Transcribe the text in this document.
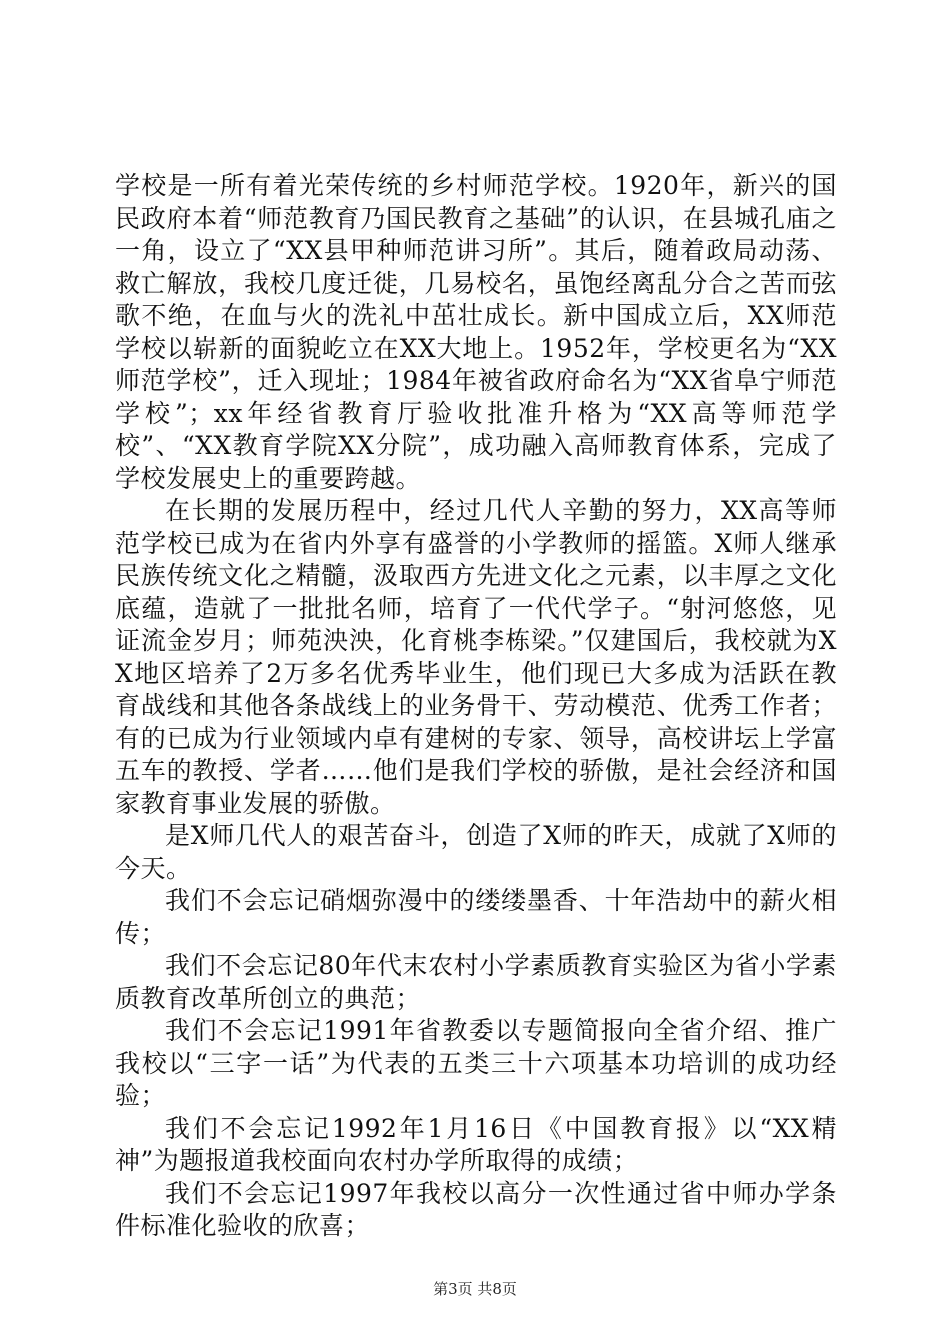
学校是一所有着光荣传统的乡村师范学校。1920年，新兴的国民政府本着“师范教育乃国民教育之基础”的认识，在县城孔庙之一角，设立了“XX县甲种师范讲习所”。其后，随着政局动荡、救亡解放，我校几度迁徙，几易校名，虽饱经离乱分合之苦而弦歌不绝，在血与火的洗礼中茁壮成长。新中国成立后，XX师范学校以崭新的面貌屹立在XX大地上。1952年，学校更名为“XX师范学校”，迁入现址；1984年被省政府命名为“XX省阜宁师范学校”；xx年经省教育厅验收批准升格为“XX高等师范学校”、“XX教育学院XX分院”，成功融入高师教育体系，完成了学校发展史上的重要跨越。

在长期的发展历程中，经过几代人辛勤的努力，XX高等师范学校已成为在省内外享有盛誉的小学教师的摇篮。X师人继承民族传统文化之精髓，汲取西方先进文化之元素，以丰厚之文化底蕴，造就了一批批名师，培育了一代代学子。“射河悠悠，见证流金岁月；师苑泱泱，化育桃李栋梁。”仅建国后，我校就为XX地区培养了2万多名优秀毕业生，他们现已大多成为活跃在教育战线和其他各条战线上的业务骨干、劳动模范、优秀工作者；有的已成为行业领域内卓有建树的专家、领导，高校讲坛上学富五车的教授、学者……他们是我们学校的骄傲，是社会经济和国家教育事业发展的骄傲。

是X师几代人的艰苦奋斗，创造了X师的昨天，成就了X师的今天。

我们不会忘记硝烟弥漫中的缕缕墨香、十年浩劫中的薪火相传；

我们不会忘记80年代末农村小学素质教育实验区为省小学素质教育改革所创立的典范；

我们不会忘记1991年省教委以专题简报向全省介绍、推广我校以“三字一话”为代表的五类三十六项基本功培训的成功经验；

我们不会忘记1992年1月16日《中国教育报》以“XX精神”为题报道我校面向农村办学所取得的成绩；

我们不会忘记1997年我校以高分一次性通过省中师办学条件标准化验收的欣喜；

第3页 共8页
